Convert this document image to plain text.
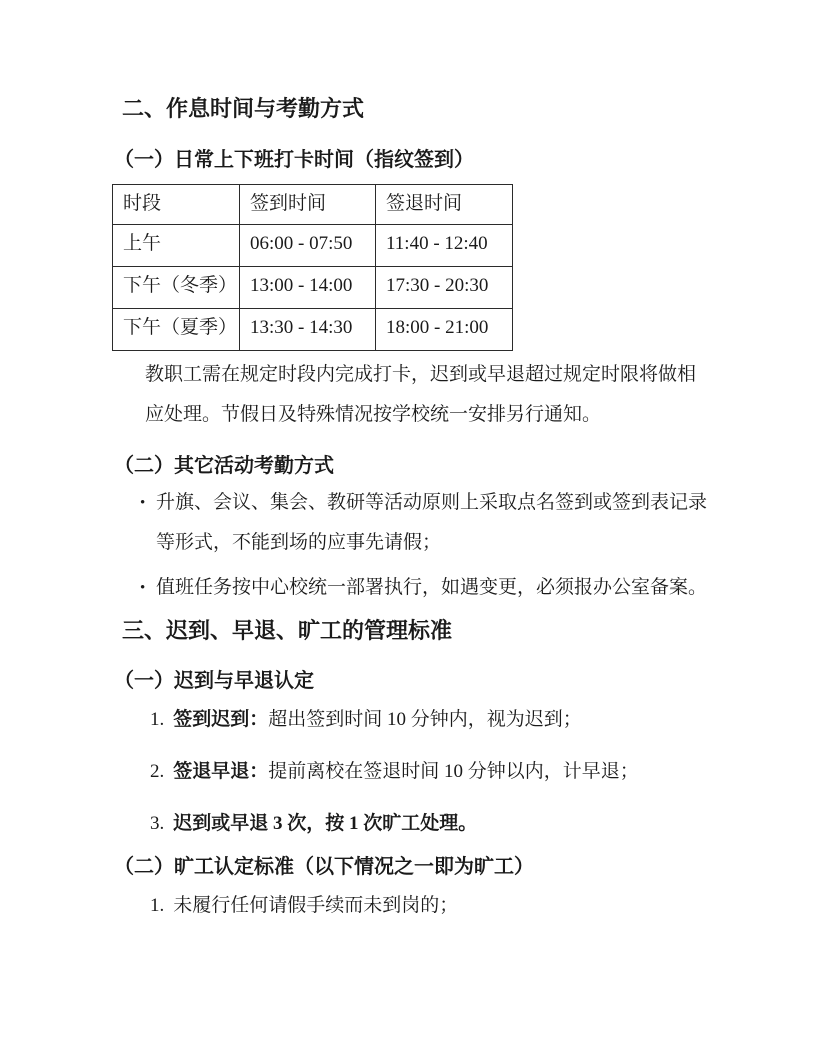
二、作息时间与考勤方式
（一）日常上下班打卡时间（指纹签到）
时段	签到时间	签退时间
上午	06:00 - 07:50	11:40 - 12:40
下午（冬季）	13:00 - 14:00	17:30 - 20:30
下午（夏季）	13:30 - 14:30	18:00 - 21:00

教职工需在规定时段内完成打卡，迟到或早退超过规定时限将做相应处理。节假日及特殊情况按学校统一安排另行通知。

（二）其它活动考勤方式
• 升旗、会议、集会、教研等活动原则上采取点名签到或签到表记录等形式，不能到场的应事先请假；
• 值班任务按中心校统一部署执行，如遇变更，必须报办公室备案。
三、迟到、早退、旷工的管理标准
（一）迟到与早退认定
1. 签到迟到：超出签到时间 10 分钟内，视为迟到；
2. 签退早退：提前离校在签退时间 10 分钟以内，计早退；
3. 迟到或早退 3 次，按 1 次旷工处理。
（二）旷工认定标准（以下情况之一即为旷工）
1. 未履行任何请假手续而未到岗的；
